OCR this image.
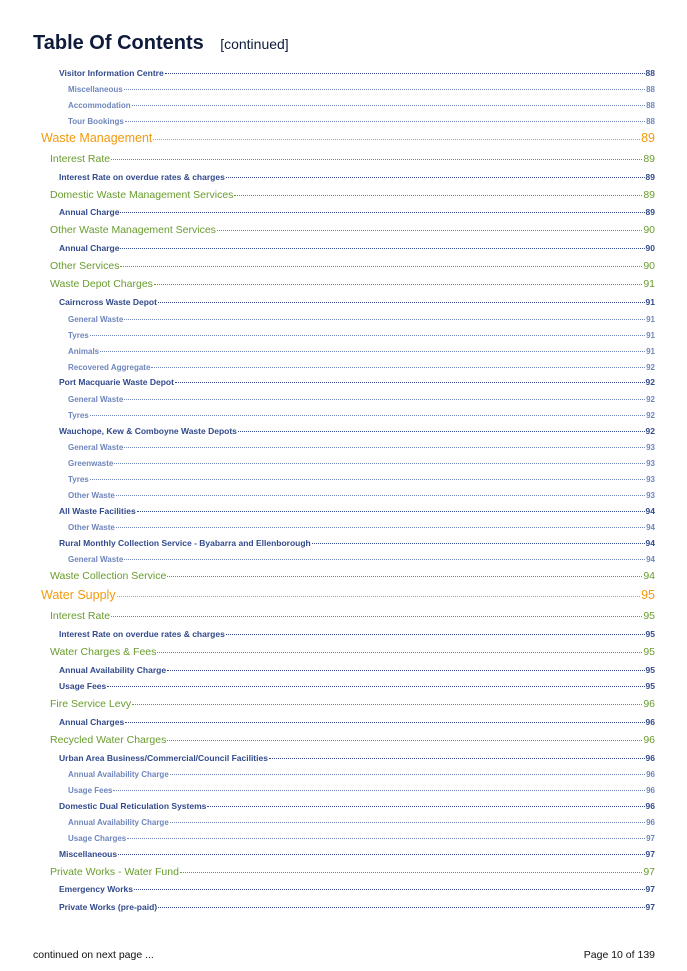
Table Of Contents [continued]
Visitor Information Centre	88
Miscellaneous	88
Accommodation	88
Tour Bookings	88
Waste Management	89
Interest Rate	89
Interest Rate on overdue rates & charges	89
Domestic Waste Management Services	89
Annual Charge	89
Other Waste Management Services	90
Annual Charge	90
Other Services	90
Waste Depot Charges	91
Cairncross Waste Depot	91
General Waste	91
Tyres	91
Animals	91
Recovered Aggregate	92
Port Macquarie Waste Depot	92
General Waste	92
Tyres	92
Wauchope, Kew & Comboyne Waste Depots	92
General Waste	93
Greenwaste	93
Tyres	93
Other Waste	93
All Waste Facilities	94
Other Waste	94
Rural Monthly Collection Service - Byabarra and Ellenborough	94
General Waste	94
Waste Collection Service	94
Water Supply	95
Interest Rate	95
Interest Rate on overdue rates & charges	95
Water Charges & Fees	95
Annual Availability Charge	95
Usage Fees	95
Fire Service Levy	96
Annual Charges	96
Recycled Water Charges	96
Urban Area Business/Commercial/Council Facilities	96
Annual Availability Charge	96
Usage Fees	96
Domestic Dual Reticulation Systems	96
Annual Availability Charge	96
Usage Charges	97
Miscellaneous	97
Private Works - Water Fund	97
Emergency Works	97
Private Works (pre-paid)	97
continued on next page ...	Page 10 of 139
